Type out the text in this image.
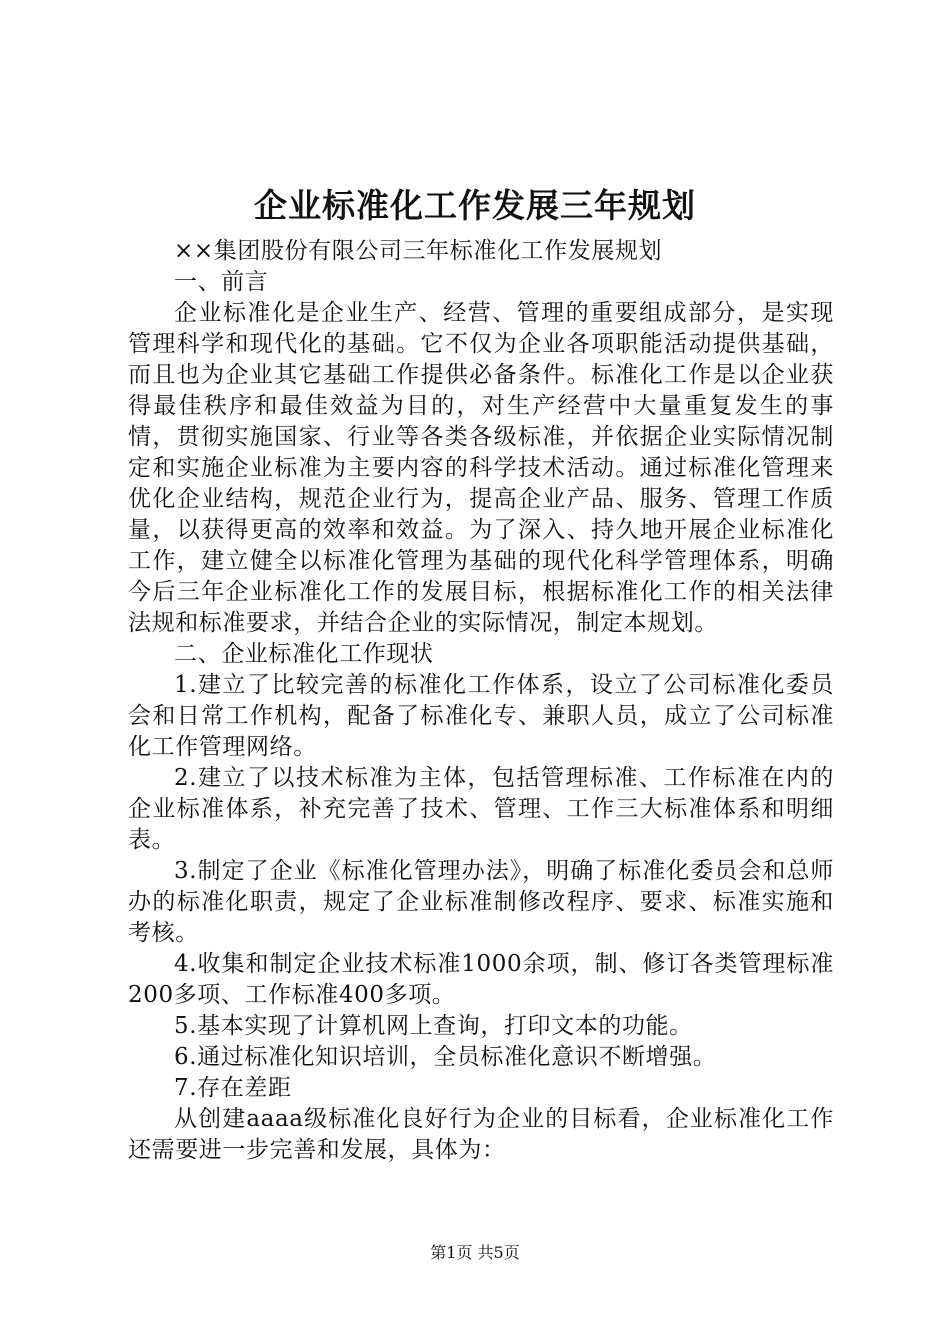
企业标准化工作发展三年规划

××集团股份有限公司三年标准化工作发展规划

一、前言

企业标准化是企业生产、经营、管理的重要组成部分，是实现管理科学和现代化的基础。它不仅为企业各项职能活动提供基础，而且也为企业其它基础工作提供必备条件。标准化工作是以企业获得最佳秩序和最佳效益为目的，对生产经营中大量重复发生的事情，贯彻实施国家、行业等各类各级标准，并依据企业实际情况制定和实施企业标准为主要内容的科学技术活动。通过标准化管理来优化企业结构，规范企业行为，提高企业产品、服务、管理工作质量，以获得更高的效率和效益。为了深入、持久地开展企业标准化工作，建立健全以标准化管理为基础的现代化科学管理体系，明确今后三年企业标准化工作的发展目标，根据标准化工作的相关法律法规和标准要求，并结合企业的实际情况，制定本规划。

二、企业标准化工作现状

1.建立了比较完善的标准化工作体系，设立了公司标准化委员会和日常工作机构，配备了标准化专、兼职人员，成立了公司标准化工作管理网络。

2.建立了以技术标准为主体，包括管理标准、工作标准在内的企业标准体系，补充完善了技术、管理、工作三大标准体系和明细表。

3.制定了企业《标准化管理办法》，明确了标准化委员会和总师办的标准化职责，规定了企业标准制修改程序、要求、标准实施和考核。

4.收集和制定企业技术标准1000余项，制、修订各类管理标准200多项、工作标准400多项。

5.基本实现了计算机网上查询，打印文本的功能。

6.通过标准化知识培训，全员标准化意识不断增强。

7.存在差距

从创建aaaa级标准化良好行为企业的目标看，企业标准化工作还需要进一步完善和发展，具体为：

第1页 共5页
